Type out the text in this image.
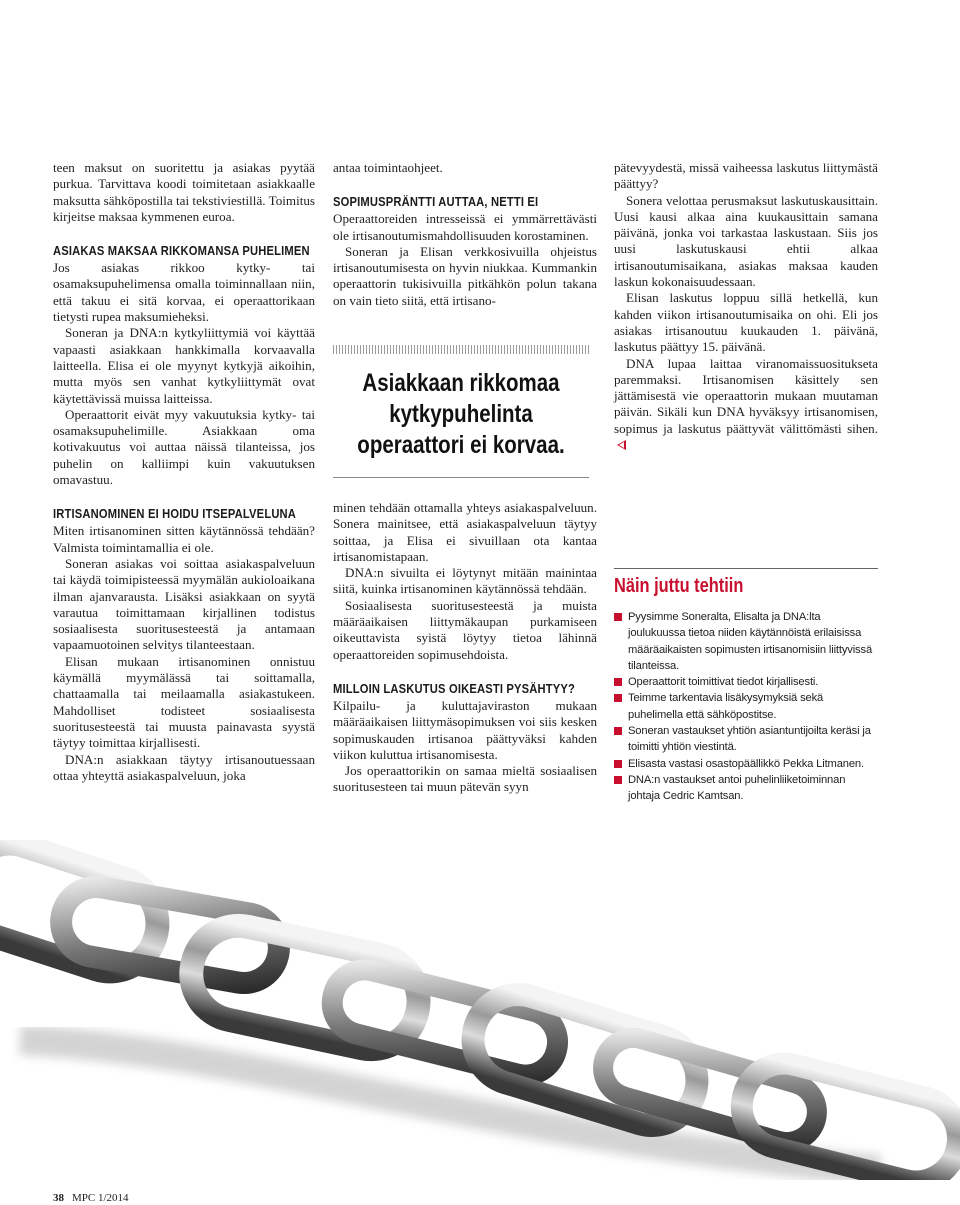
teen maksut on suoritettu ja asiakas pyytää purkua. Tarvittava koodi toimitetaan asiakkaalle maksutta sähköpostilla tai tekstiviestillä. Toimitus kirjeitse maksaa kymmenen euroa.

ASIAKAS MAKSAA RIKKOMANSA PUHELIMEN

Jos asiakas rikkoo kytky- tai osamaksupuhelimensa omalla toiminnallaan niin, että takuu ei sitä korvaa, ei operaattorikaan tietysti rupea maksumieheksi.

Soneran ja DNA:n kytkyliittymiä voi käyttää vapaasti asiakkaan hankkimalla korvaavalla laitteella. Elisa ei ole myynyt kytkyjä aikoihin, mutta myös sen vanhat kytkyliittymät ovat käytettävissä muissa laitteissa.

Operaattorit eivät myy vakuutuksia kytky- tai osamaksupuhelimille. Asiakkaan oma kotivakuutus voi auttaa näissä tilanteissa, jos puhelin on kalliimpi kuin vakuutuksen omavastuu.

IRTISANOMINEN EI HOIDU ITSEPALVELUNA

Miten irtisanominen sitten käytännössä tehdään? Valmista toimintamallia ei ole.

Soneran asiakas voi soittaa asiakaspalveluun tai käydä toimipisteessä myymälän aukioloaikana ilman ajanvarausta. Lisäksi asiakkaan on syytä varautua toimittamaan kirjallinen todistus sosiaalisesta suoritusesteestä ja antamaan vapaamuotoinen selvitys tilanteestaan.

Elisan mukaan irtisanominen onnistuu käymällä myymälässä tai soittamalla, chattaamalla tai meilaamalla asiakastukeen. Mahdolliset todisteet sosiaalisesta suoritusesteestä tai muusta painavasta syystä täytyy toimittaa kirjallisesti.

DNA:n asiakkaan täytyy irtisanoutuessaan ottaa yhteyttä asiakaspalveluun, joka

antaa toimintaohjeet.

SOPIMUSPRÄNTTI AUTTAA, NETTI EI

Operaattoreiden intresseissä ei ymmärrettävästi ole irtisanoutumismahdollisuuden korostaminen.

Soneran ja Elisan verkkosivuilla ohjeistus irtisanoutumisesta on hyvin niukkaa. Kummankin operaattorin tukisivuilla pitkähkön polun takana on vain tieto siitä, että irtisano-

Asiakkaan rikkomaa
kytkypuhelinta
operaattori ei korvaa.

minen tehdään ottamalla yhteys asiakaspalveluun. Sonera mainitsee, että asiakaspalveluun täytyy soittaa, ja Elisa ei sivuillaan ota kantaa irtisanomistapaan.

DNA:n sivuilta ei löytynyt mitään mainintaa siitä, kuinka irtisanominen käytännössä tehdään.

Sosiaalisesta suoritusesteestä ja muista määräaikaisen liittymäkaupan purkamiseen oikeuttavista syistä löytyy tietoa lähinnä operaattoreiden sopimusehdoista.

MILLOIN LASKUTUS OIKEASTI PYSÄHTYY?

Kilpailu- ja kuluttajaviraston mukaan määräaikaisen liittymäsopimuksen voi siis kesken sopimuskauden irtisanoa päättyväksi kahden viikon kuluttua irtisanomisesta.

Jos operaattorikin on samaa mieltä sosiaalisen suoritusesteen tai muun pätevän syyn

pätevyydestä, missä vaiheessa laskutus liittymästä päättyy?

Sonera velottaa perusmaksut laskutuskausittain. Uusi kausi alkaa aina kuukausittain samana päivänä, jonka voi tarkastaa laskustaan. Siis jos uusi laskutuskausi ehtii alkaa irtisanoutumisaikana, asiakas maksaa kauden laskun kokonaisuudessaan.

Elisan laskutus loppuu sillä hetkellä, kun kahden viikon irtisanoutumisaika on ohi. Eli jos asiakas irtisanoutuu kuukauden 1. päivänä, laskutus päättyy 15. päivänä.

DNA lupaa laittaa viranomaissuositukseta paremmaksi. Irtisanomisen käsittely sen jättämisestä vie operaattorin mukaan muutaman päivän. Sikäli kun DNA hyväksyy irtisanomisen, sopimus ja laskutus päättyvät välittömästi sihen.

Näin juttu tehtiin
Pyysimme Soneralta, Elisalta ja DNA:lta joulukuussa tietoa niiden käytännöistä erilaisissa määräaikaisten sopimusten irtisanomisiin liittyvissä tilanteissa.
Operaattorit toimittivat tiedot kirjallisesti.
Teimme tarkentavia lisäkysymyksiä sekä puhelimella että sähköpostitse.
Soneran vastaukset yhtiön asiantuntijoilta keräsi ja toimitti yhtiön viestintä.
Elisasta vastasi osastopäällikkö Pekka Litmanen.
DNA:n vastaukset antoi puhelinliiketoiminnan johtaja Cedric Kamtsan.
38 MPC 1/2014
